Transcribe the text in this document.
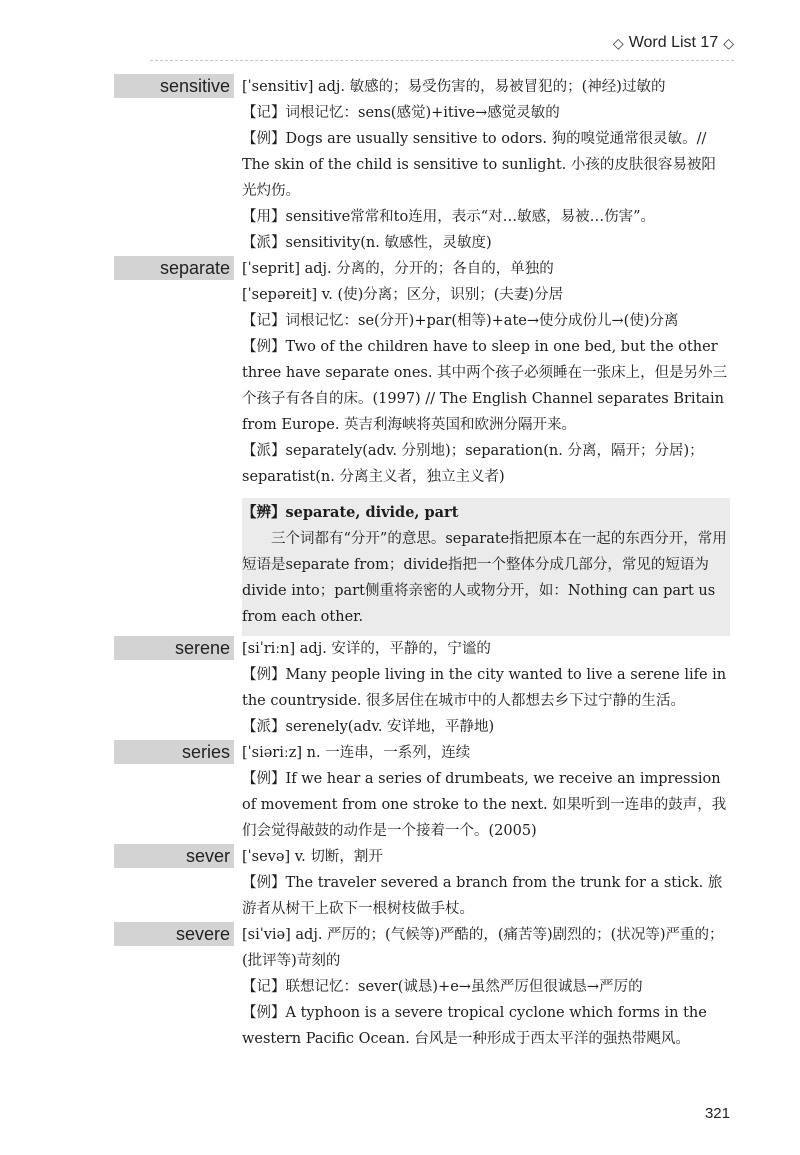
◇ Word List 17 ◇
sensitive [ˈsensitiv] adj. 敏感的；易受伤害的，易被冒犯的；(神经)过敏的

【记】词根记忆：sens(感觉)+itive→感觉灵敏的

【例】Dogs are usually sensitive to odors. 狗的嗅觉通常很灵敏。// The skin of the child is sensitive to sunlight. 小孩的皮肤很容易被阳光灼伤。

【用】sensitive常常和to连用，表示“对…敏感，易被…伤害”。

【派】sensitivity(n. 敏感性，灵敏度)

separate [ˈseprit] adj. 分离的，分开的；各自的，单独的

[ˈsepəreit] v. (使)分离；区分，识别；(夫妻)分居

【记】词根记忆：se(分开)+par(相等)+ate→使分成份儿→(使)分离

【例】Two of the children have to sleep in one bed, but the other three have separate ones. 其中两个孩子必须睡在一张床上，但是另外三个孩子有各自的床。(1997) // The English Channel separates Britain from Europe. 英吉利海峡将英国和欧洲分隔开来。

【派】separately(adv. 分别地)；separation(n. 分离，隔开；分居)；separatist(n. 分离主义者，独立主义者)

【辨】separate, divide, part

三个词都有“分开”的意思。separate指把原本在一起的东西分开，常用短语是separate from；divide指把一个整体分成几部分，常见的短语为divide into；part侧重将亲密的人或物分开，如：Nothing can part us from each other.

serene [siˈriːn] adj. 安详的，平静的，宁谧的

【例】Many people living in the city wanted to live a serene life in the countryside. 很多居住在城市中的人都想去乡下过宁静的生活。

【派】serenely(adv. 安详地，平静地)

series [ˈsiəriːz] n. 一连串，一系列，连续

【例】If we hear a series of drumbeats, we receive an impression of movement from one stroke to the next. 如果听到一连串的鼓声，我们会觉得敲鼓的动作是一个接着一个。(2005)

sever [ˈsevə] v. 切断，割开

【例】The traveler severed a branch from the trunk for a stick. 旅游者从树干上砍下一根树枝做手杖。

severe [siˈviə] adj. 严厉的；(气候等)严酷的，(痛苦等)剧烈的；(状况等)严重的；(批评等)苛刻的

【记】联想记忆：sever(诚恳)+e→虽然严厉但很诚恳→严厉的

【例】A typhoon is a severe tropical cyclone which forms in the western Pacific Ocean. 台风是一种形成于西太平洋的强热带飓风。

321
